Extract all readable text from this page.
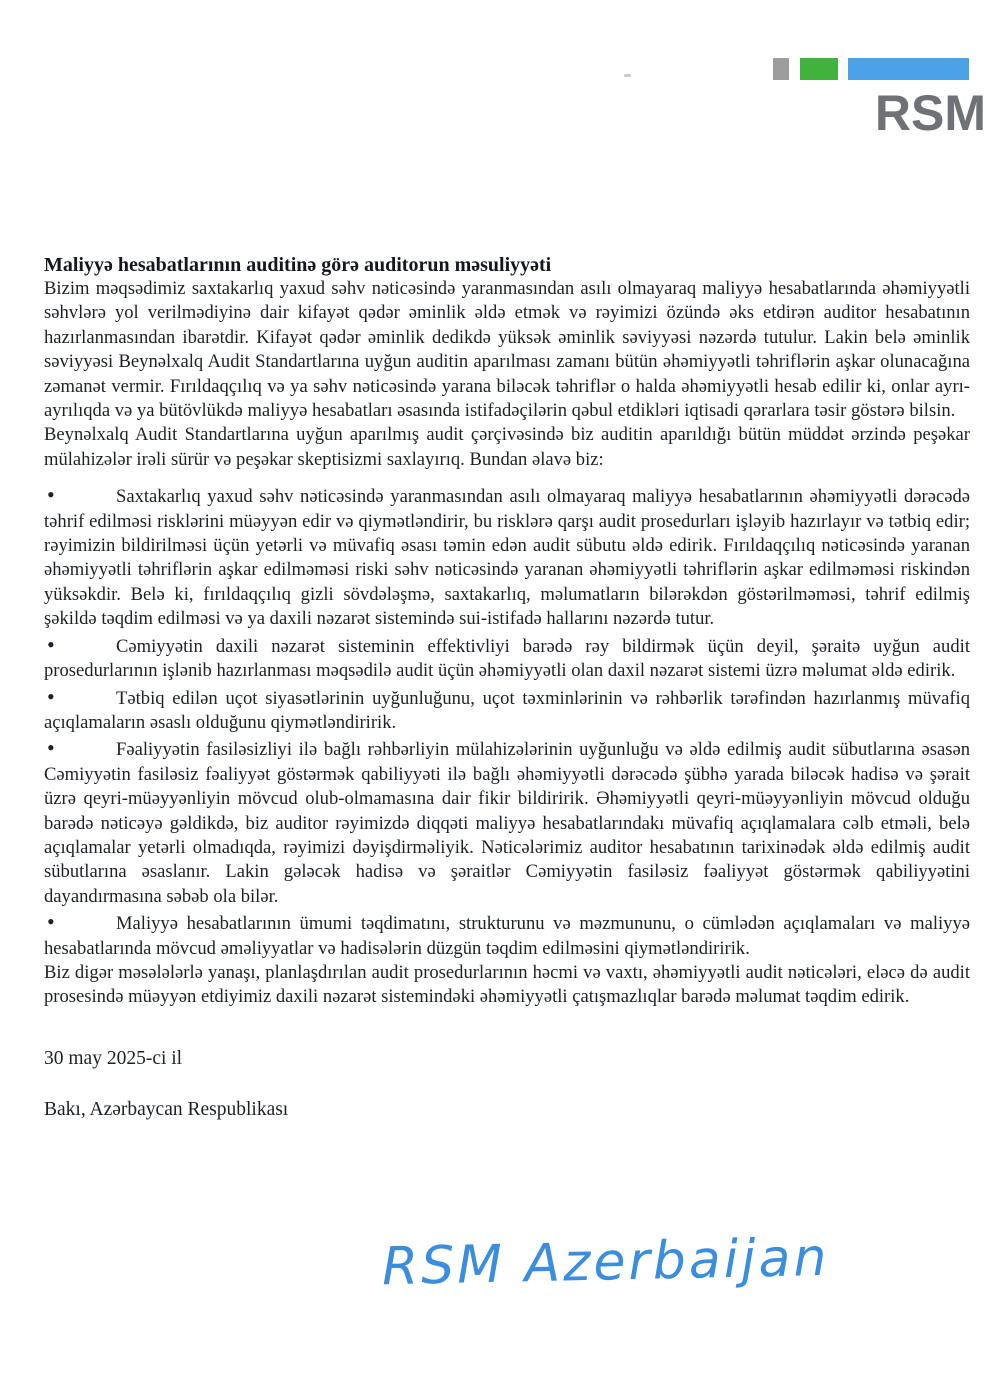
RSM
Maliyyə hesabatlarının auditinə görə auditorun məsuliyyəti

Bizim məqsədimiz saxtakarlıq yaxud səhv nəticəsində yaranmasından asılı olmayaraq maliyyə hesabatlarında əhəmiyyətli səhvlərə yol verilmədiyinə dair kifayət qədər əminlik əldə etmək və rəyimizi özündə əks etdirən auditor hesabatının hazırlanmasından ibarətdir. Kifayət qədər əminlik dedikdə yüksək əminlik səviyyəsi nəzərdə tutulur. Lakin belə əminlik səviyyəsi Beynəlxalq Audit Standartlarına uyğun auditin aparılması zamanı bütün əhəmiyyətli təhriflərin aşkar olunacağına zəmanət vermir. Fırıldaqçılıq və ya səhv nəticəsində yarana biləcək təhriflər o halda əhəmiyyətli hesab edilir ki, onlar ayrı-ayrılıqda və ya bütövlükdə maliyyə hesabatları əsasında istifadəçilərin qəbul etdikləri iqtisadi qərarlara təsir göstərə bilsin.

Beynəlxalq Audit Standartlarına uyğun aparılmış audit çərçivəsində biz auditin aparıldığı bütün müddət ərzində peşəkar mülahizələr irəli sürür və peşəkar skeptisizmi saxlayırıq. Bundan əlavə biz:

•	Saxtakarlıq yaxud səhv nəticəsində yaranmasından asılı olmayaraq maliyyə hesabatlarının əhəmiyyətli dərəcədə təhrif edilməsi risklərini müəyyən edir və qiymətləndirir, bu risklərə qarşı audit prosedurları işləyib hazırlayır və tətbiq edir; rəyimizin bildirilməsi üçün yetərli və müvafiq əsası təmin edən audit sübutu əldə edirik. Fırıldaqçılıq nəticəsində yaranan əhəmiyyətli təhriflərin aşkar edilməməsi riski səhv nəticəsində yaranan əhəmiyyətli təhriflərin aşkar edilməməsi riskindən yüksəkdir. Belə ki, fırıldaqçılıq gizli sövdələşmə, saxtakarlıq, məlumatların bilərəkdən göstərilməməsi, təhrif edilmiş şəkildə təqdim edilməsi və ya daxili nəzarət sistemində sui-istifadə hallarını nəzərdə tutur.

•	Cəmiyyətin daxili nəzarət sisteminin effektivliyi barədə rəy bildirmək üçün deyil, şəraitə uyğun audit prosedurlarının işlənib hazırlanması məqsədilə audit üçün əhəmiyyətli olan daxil nəzarət sistemi üzrə məlumat əldə edirik.

•	Tətbiq edilən uçot siyasətlərinin uyğunluğunu, uçot təxminlərinin və rəhbərlik tərəfindən hazırlanmış müvafiq açıqlamaların əsaslı olduğunu qiymətləndiririk.

•	Fəaliyyətin fasiləsizliyi ilə bağlı rəhbərliyin mülahizələrinin uyğunluğu və əldə edilmiş audit sübutlarına əsasən Cəmiyyətin fasiləsiz fəaliyyət göstərmək qabiliyyəti ilə bağlı əhəmiyyətli dərəcədə şübhə yarada biləcək hadisə və şərait üzrə qeyri-müəyyənliyin mövcud olub-olmamasına dair fikir bildiririk. Əhəmiyyətli qeyri-müəyyənliyin mövcud olduğu barədə nəticəyə gəldikdə, biz auditor rəyimizdə diqqəti maliyyə hesabatlarındakı müvafiq açıqlamalara cəlb etməli, belə açıqlamalar yetərli olmadıqda, rəyimizi dəyişdirməliyik. Nəticələrimiz auditor hesabatının tarixinədək əldə edilmiş audit sübutlarına əsaslanır. Lakin gələcək hadisə və şəraitlər Cəmiyyətin fasiləsiz fəaliyyət göstərmək qabiliyyətini dayandırmasına səbəb ola bilər.

•	Maliyyə hesabatlarının ümumi təqdimatını, strukturunu və məzmununu, o cümlədən açıqlamaları və maliyyə hesabatlarında mövcud əməliyyatlar və hadisələrin düzgün təqdim edilməsini qiymətləndiririk.

Biz digər məsələlərlə yanaşı, planlaşdırılan audit prosedurlarının həcmi və vaxtı, əhəmiyyətli audit nəticələri, eləcə də audit prosesində müəyyən etdiyimiz daxili nəzarət sistemindəki əhəmiyyətli çatışmazlıqlar barədə məlumat təqdim edirik.

30 may 2025-ci il
Bakı, Azərbaycan Respublikası
RSM Azerbaijan
